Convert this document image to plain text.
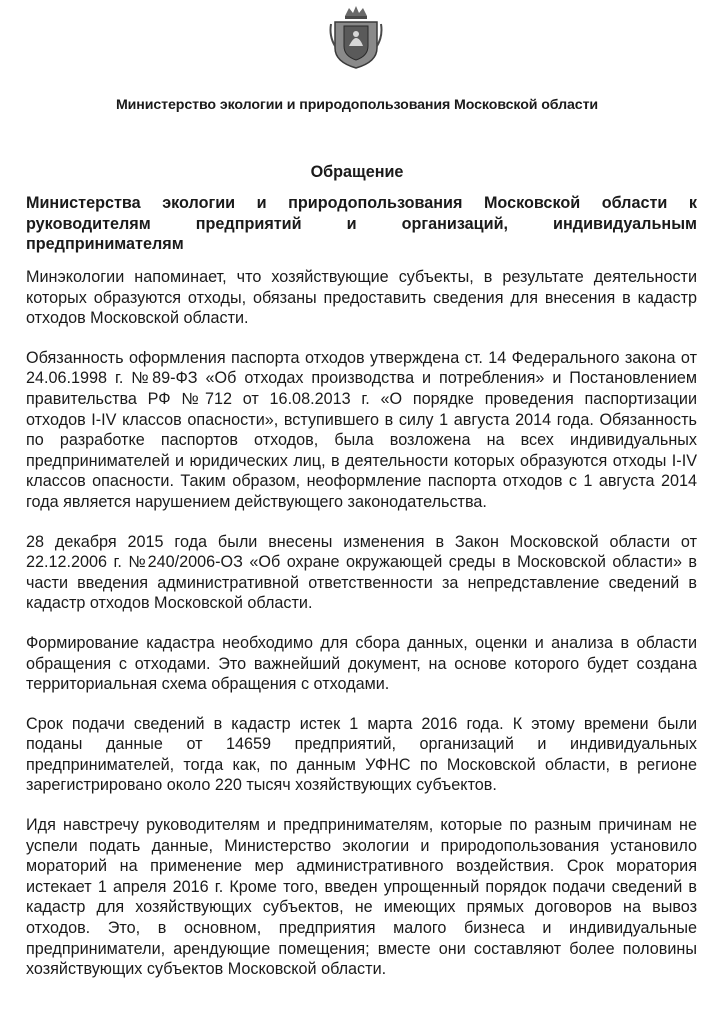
Министерство экологии и природопользования Московской области
Обращение
Министерства экологии и природопользования Московской области к руководителям предприятий и организаций, индивидуальным предпринимателям

Минэкологии напоминает, что хозяйствующие субъекты, в результате деятельности которых образуются отходы, обязаны предоставить сведения для внесения в кадастр отходов Московской области.

Обязанность оформления паспорта отходов утверждена ст. 14 Федерального закона от 24.06.1998 г. №89-ФЗ «Об отходах производства и потребления» и Постановлением правительства РФ №712 от 16.08.2013 г. «О порядке проведения паспортизации отходов I-IV классов опасности», вступившего в силу 1 августа 2014 года. Обязанность по разработке паспортов отходов, была возложена на всех индивидуальных предпринимателей и юридических лиц, в деятельности которых образуются отходы I-IV классов опасности. Таким образом, неоформление паспорта отходов с 1 августа 2014 года является нарушением действующего законодательства.

28 декабря 2015 года были внесены изменения в Закон Московской области от 22.12.2006 г. №240/2006-ОЗ «Об охране окружающей среды в Московской области» в части введения административной ответственности за непредставление сведений в кадастр отходов Московской области.

Формирование кадастра необходимо для сбора данных, оценки и анализа в области обращения с отходами. Это важнейший документ, на основе которого будет создана территориальная схема обращения с отходами.

Срок подачи сведений в кадастр истек 1 марта 2016 года. К этому времени были поданы данные от 14659 предприятий, организаций и индивидуальных предпринимателей, тогда как, по данным УФНС по Московской области, в регионе зарегистрировано около 220 тысяч хозяйствующих субъектов.

Идя навстречу руководителям и предпринимателям, которые по разным причинам не успели подать данные, Министерство экологии и природопользования установило мораторий на применение мер административного воздействия. Срок моратория истекает 1 апреля 2016 г. Кроме того, введен упрощенный порядок подачи сведений в кадастр для хозяйствующих субъектов, не имеющих прямых договоров на вывоз отходов. Это, в основном, предприятия малого бизнеса и индивидуальные предприниматели, арендующие помещения; вместе они составляют более половины хозяйствующих субъектов Московской области.
